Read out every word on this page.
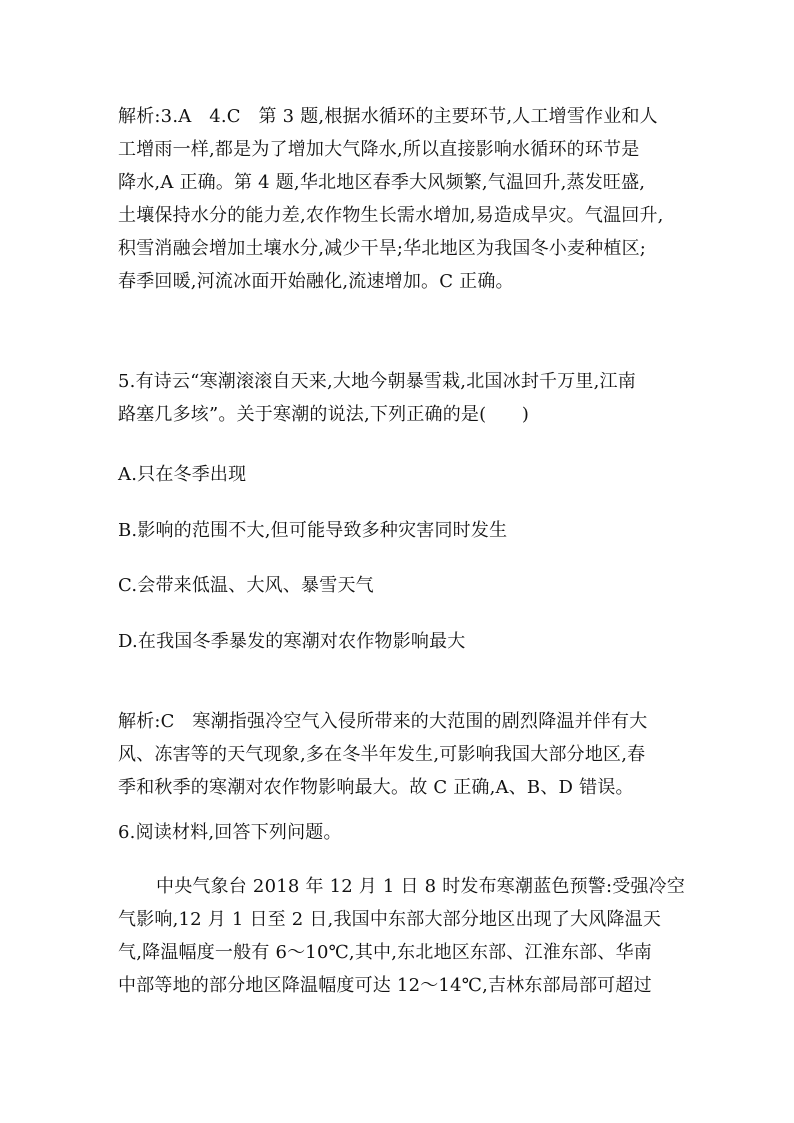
解析:3.A   4.C   第 3 题,根据水循环的主要环节,人工增雪作业和人
工增雨一样,都是为了增加大气降水,所以直接影响水循环的环节是
降水,A 正确。第 4 题,华北地区春季大风频繁,气温回升,蒸发旺盛,
土壤保持水分的能力差,农作物生长需水增加,易造成旱灾。气温回升,
积雪消融会增加土壤水分,减少干旱;华北地区为我国冬小麦种植区;
春季回暖,河流冰面开始融化,流速增加。C 正确。
5.有诗云“寒潮滚滚自天来,大地今朝暴雪栽,北国冰封千万里,江南
路塞几多垓”。关于寒潮的说法,下列正确的是(      )
A.只在冬季出现
B.影响的范围不大,但可能导致多种灾害同时发生
C.会带来低温、大风、暴雪天气
D.在我国冬季暴发的寒潮对农作物影响最大
解析:C   寒潮指强冷空气入侵所带来的大范围的剧烈降温并伴有大
风、冻害等的天气现象,多在冬半年发生,可影响我国大部分地区,春
季和秋季的寒潮对农作物影响最大。故 C 正确,A、B、D 错误。
6.阅读材料,回答下列问题。
中央气象台 2018 年 12 月 1 日 8 时发布寒潮蓝色预警:受强冷空
气影响,12 月 1 日至 2 日,我国中东部大部分地区出现了大风降温天
气,降温幅度一般有 6～10℃,其中,东北地区东部、江淮东部、华南
中部等地的部分地区降温幅度可达 12～14℃,吉林东部局部可超过
